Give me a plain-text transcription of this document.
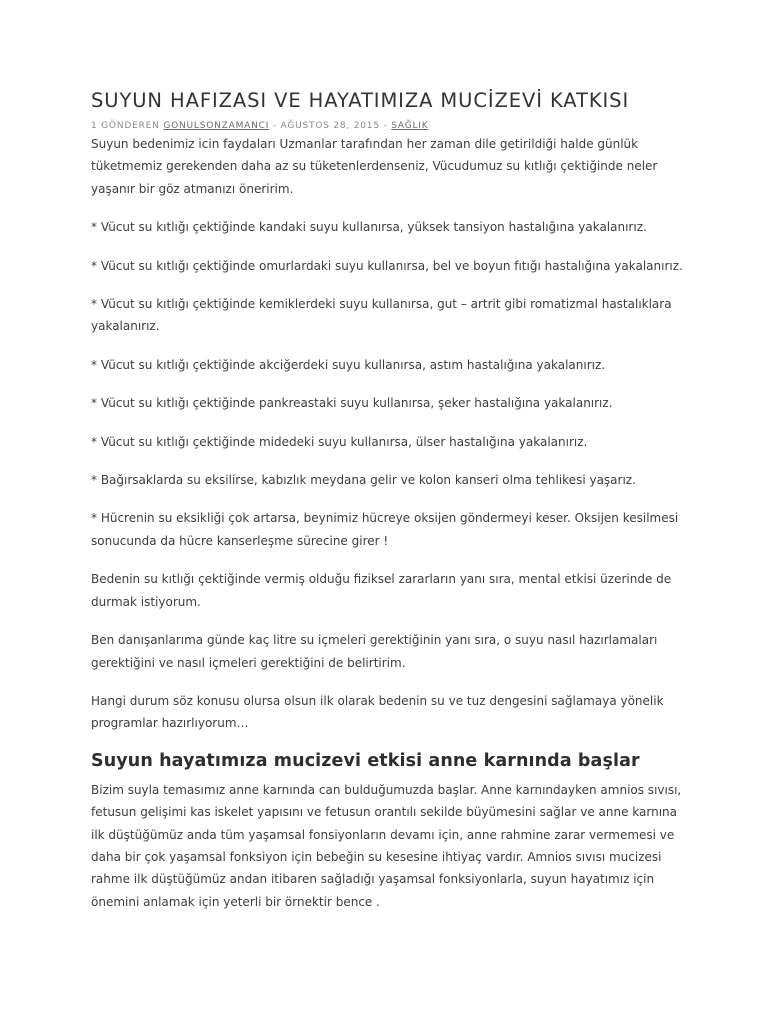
SUYUN HAFIZASI VE HAYATIMIZA MUCİZEVİ KATKISI
1 GÖNDEREN GONULSONZAMANCI - AĞUSTOS 28, 2015 - SAĞLIK

Suyun bedenimiz icin faydaları Uzmanlar tarafından her zaman dile getirildiği halde günlük tüketmemiz gerekenden daha az su tüketenlerdenseniz, Vücudumuz su kıtlığı çektiğinde neler yaşanır bir göz atmanızı öneririm.

* Vücut su kıtlığı çektiğinde kandaki suyu kullanırsa, yüksek tansiyon hastalığına yakalanırız.

* Vücut su kıtlığı çektiğinde omurlardaki suyu kullanırsa, bel ve boyun fıtığı hastalığına yakalanırız.

* Vücut su kıtlığı çektiğinde kemiklerdeki suyu kullanırsa, gut – artrit gibi romatizmal hastalıklara yakalanırız.

* Vücut su kıtlığı çektiğinde akciğerdeki suyu kullanırsa, astım hastalığına yakalanırız.

* Vücut su kıtlığı çektiğinde pankreastaki suyu kullanırsa, şeker hastalığına yakalanırız.

* Vücut su kıtlığı çektiğinde midedeki suyu kullanırsa, ülser hastalığına yakalanırız.

* Bağırsaklarda su eksilirse, kabızlık meydana gelir ve kolon kanseri olma tehlikesi yaşarız.

* Hücrenin su eksikliği çok artarsa, beynimiz hücreye oksijen göndermeyi keser. Oksijen kesilmesi sonucunda da hücre kanserleşme sürecine girer !

Bedenin su kıtlığı çektiğinde vermiş olduğu fiziksel zararların yanı sıra, mental etkisi üzerinde de durmak istiyorum.

Ben danışanlarıma günde kaç litre su içmeleri gerektiğinin yanı sıra, o suyu nasıl hazırlamaları gerektiğini ve nasıl içmeleri gerektiğini de belirtirim.

Hangi durum söz konusu olursa olsun ilk olarak bedenin su ve tuz dengesini sağlamaya yönelik programlar hazırlıyorum…

Suyun hayatımıza mucizevi etkisi anne karnında başlar

Bizim suyla temasımız anne karnında can bulduğumuzda başlar. Anne karnındayken amnios sıvısı, fetusun gelişimi kas iskelet yapısını ve fetusun orantılı sekilde büyümesini sağlar ve anne karnına ilk düştüğümüz anda tüm yaşamsal fonsiyonların devamı için, anne rahmine zarar vermemesi ve daha bir çok yaşamsal fonksiyon için bebeğin su kesesine ihtiyaç vardır. Amnios sıvısı mucizesi rahme ilk düştüğümüz andan itibaren sağladığı yaşamsal fonksiyonlarla, suyun hayatımız için önemini anlamak için yeterli bir örnektir bence .
